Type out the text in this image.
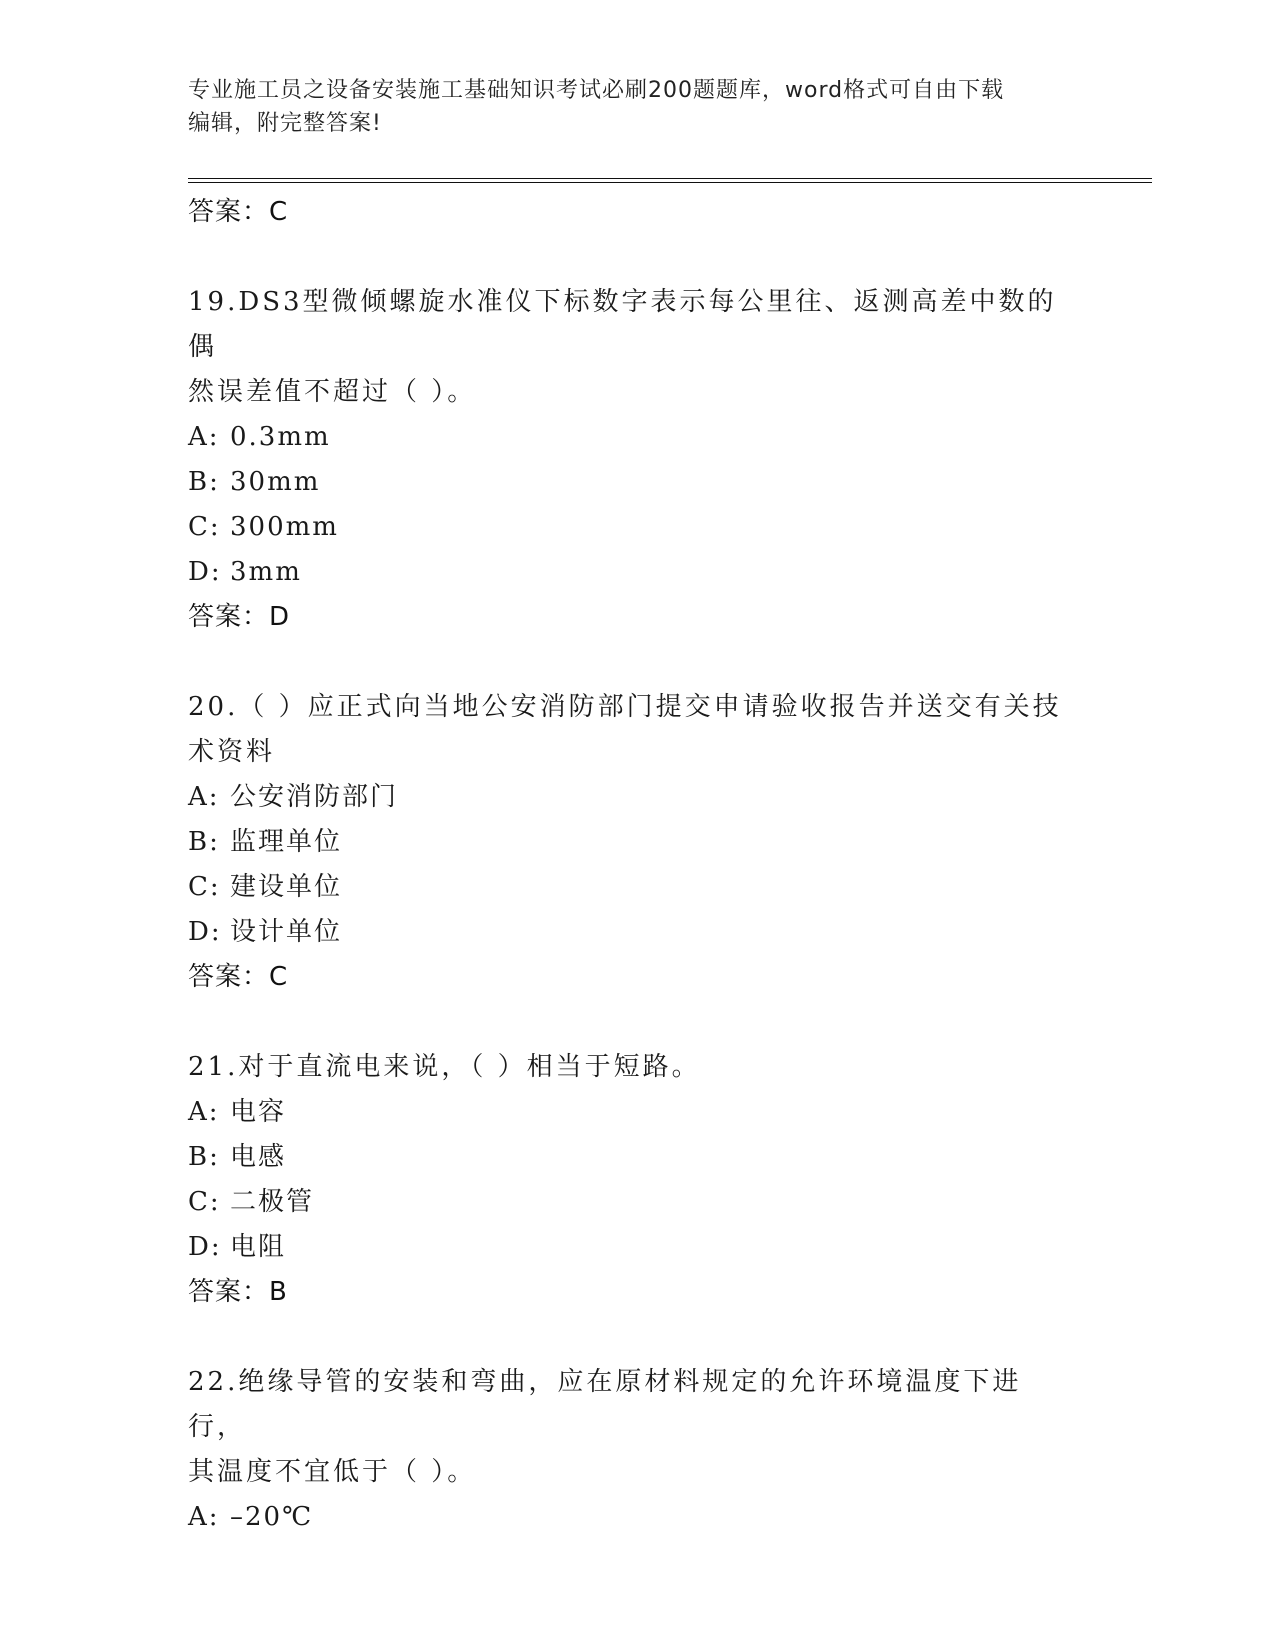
专业施工员之设备安装施工基础知识考试必刷200题题库，word格式可自由下载
编辑，附完整答案!
答案：C
19.DS3型微倾螺旋水准仪下标数字表示每公里往、返测高差中数的偶
然误差值不超过（ ）。
A: 0.3mm
B: 30mm
C: 300mm
D: 3mm
答案：D
20.（ ）应正式向当地公安消防部门提交申请验收报告并送交有关技
术资料
A: 公安消防部门
B: 监理单位
C: 建设单位
D: 设计单位
答案：C
21.对于直流电来说，（ ）相当于短路。
A: 电容
B: 电感
C: 二极管
D: 电阻
答案：B
22.绝缘导管的安装和弯曲，应在原材料规定的允许环境温度下进行，
其温度不宜低于（ ）。
A: –20℃
